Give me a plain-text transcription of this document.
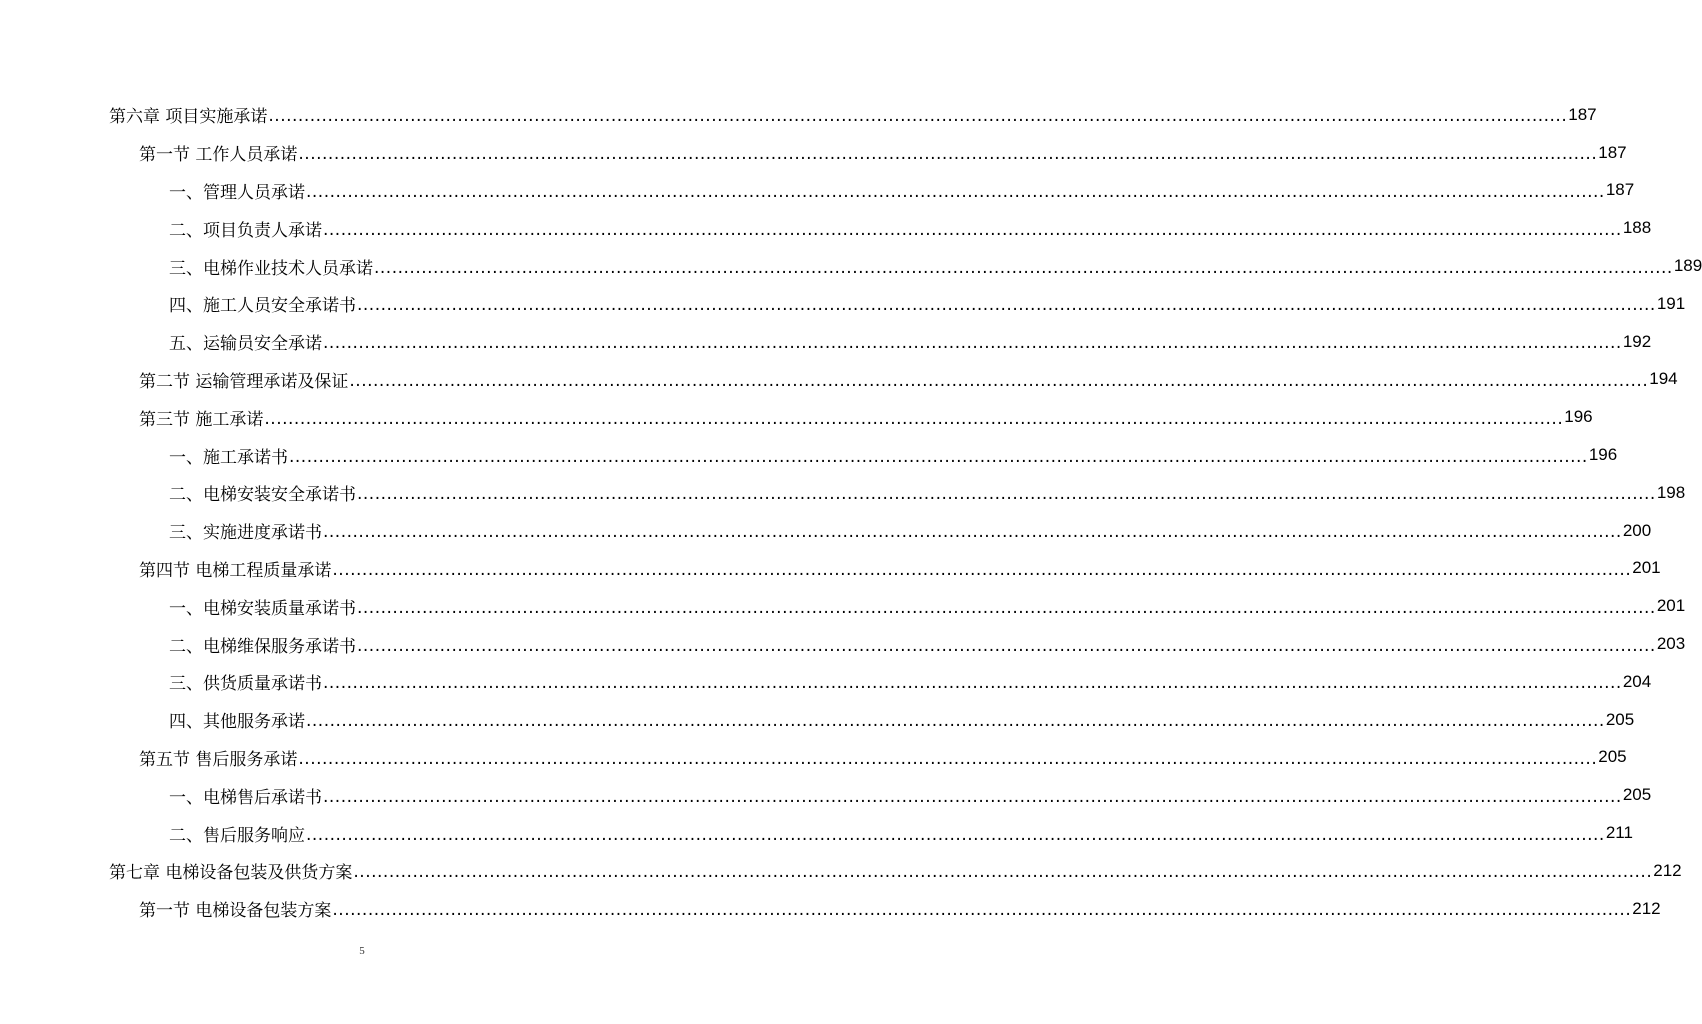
第六章
项目实施承诺 ............................................................................................................................................................................................................................ 187
第一节
工作人员承诺 ............................................................................................................................................................................................................................ 187
一、 管理人员承诺 ............................................................................................................................................................................................................................ 187
二、 项目负责人承诺 ............................................................................................................................................................................................................................ 188
三、 电梯作业技术人员承诺 ............................................................................................................................................................................................................................ 189
四、 施工人员安全承诺书 ............................................................................................................................................................................................................................ 191
五、 运输员安全承诺 ............................................................................................................................................................................................................................ 192
第二节
运输管理承诺及保证 ............................................................................................................................................................................................................................ 194
第三节
施工承诺 ............................................................................................................................................................................................................................ 196
一、 施工承诺书 ............................................................................................................................................................................................................................ 196
二、 电梯安装安全承诺书 ............................................................................................................................................................................................................................ 198
三、 实施进度承诺书 ............................................................................................................................................................................................................................ 200
第四节
电梯工程质量承诺 ............................................................................................................................................................................................................................ 201
一、 电梯安装质量承诺书 ............................................................................................................................................................................................................................ 201
二、 电梯维保服务承诺书 ............................................................................................................................................................................................................................ 203
三、 供货质量承诺书 ............................................................................................................................................................................................................................ 204
四、 其他服务承诺 ............................................................................................................................................................................................................................ 205
第五节
售后服务承诺 ............................................................................................................................................................................................................................ 205
一、 电梯售后承诺书 ............................................................................................................................................................................................................................ 205
二、 售后服务响应 ............................................................................................................................................................................................................................ 211
第七章
电梯设备包装及供货方案 ............................................................................................................................................................................................................................ 212
第一节
电梯设备包装方案 ............................................................................................................................................................................................................................ 212
5
